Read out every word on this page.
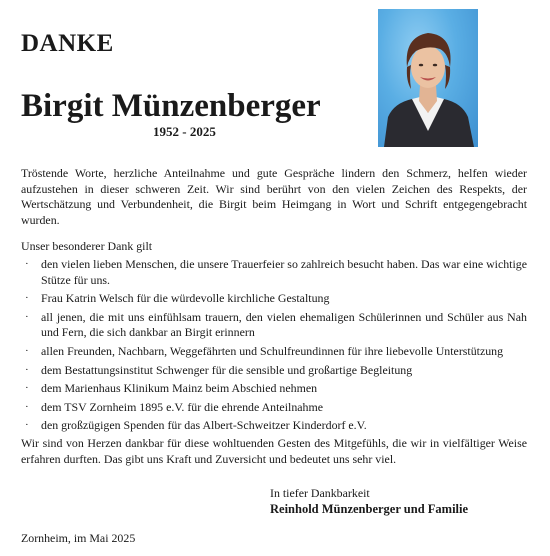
DANKE
Birgit Münzenberger
1952 - 2025

Tröstende Worte, herzliche Anteilnahme und gute Gespräche lindern den Schmerz, helfen wieder aufzustehen in dieser schweren Zeit. Wir sind berührt von den vielen Zeichen des Respekts, der Wertschätzung und Verbundenheit, die Birgit beim Heimgang in Wort und Schrift entgegengebracht wurden.

Unser besonderer Dank gilt
· den vielen lieben Menschen, die unsere Trauerfeier so zahlreich besucht haben. Das war eine wichtige Stütze für uns.
· Frau Katrin Welsch für die würdevolle kirchliche Gestaltung
· all jenen, die mit uns einfühlsam trauern, den vielen ehemaligen Schülerinnen und Schüler aus Nah und Fern, die sich dankbar an Birgit erinnern
· allen Freunden, Nachbarn, Weggefährten und Schulfreundinnen für ihre liebevolle Unterstützung
· dem Bestattungsinstitut Schwenger für die sensible und großartige Begleitung
· dem Marienhaus Klinikum Mainz beim Abschied nehmen
· dem TSV Zornheim 1895 e.V. für die ehrende Anteilnahme
· den großzügigen Spenden für das Albert-Schweitzer Kinderdorf e.V.

Wir sind von Herzen dankbar für diese wohltuenden Gesten des Mitgefühls, die wir in vielfältiger Weise erfahren durften. Das gibt uns Kraft und Zuversicht und bedeutet uns sehr viel.

In tiefer Dankbarkeit
Reinhold Münzenberger und Familie
Zornheim, im Mai 2025
